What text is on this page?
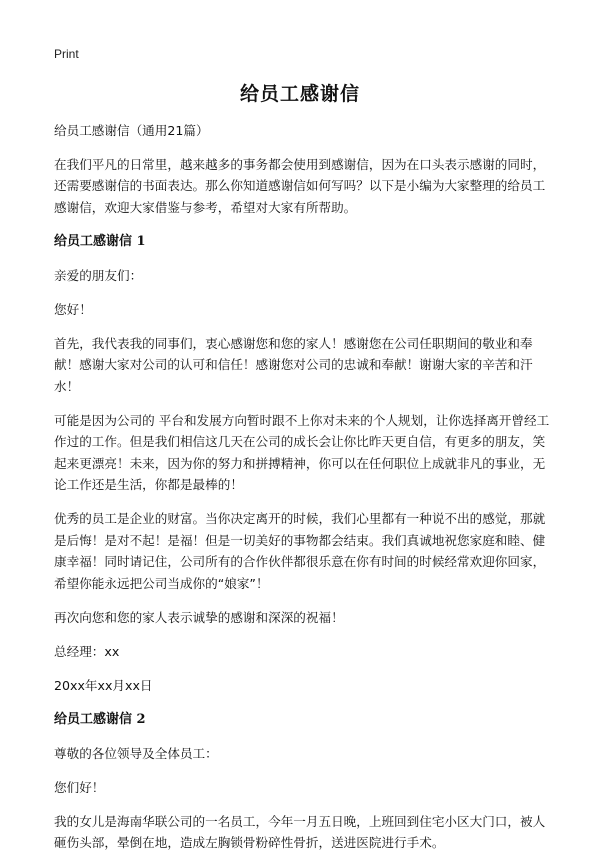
Print
给员工感谢信

给员工感谢信（通用21篇）

在我们平凡的日常里，越来越多的事务都会使用到感谢信，因为在口头表示感谢的同时，还需要感谢信的书面表达。那么你知道感谢信如何写吗？以下是小编为大家整理的给员工感谢信，欢迎大家借鉴与参考，希望对大家有所帮助。

给员工感谢信 1

亲爱的朋友们：

您好！

首先，我代表我的同事们，衷心感谢您和您的家人！感谢您在公司任职期间的敬业和奉献！感谢大家对公司的认可和信任！感谢您对公司的忠诚和奉献！谢谢大家的辛苦和汗水！

可能是因为公司的 平台和发展方向暂时跟不上你对未来的个人规划，让你选择离开曾经工作过的工作。但是我们相信这几天在公司的成长会让你比昨天更自信，有更多的朋友，笑起来更漂亮！未来，因为你的努力和拼搏精神，你可以在任何职位上成就非凡的事业，无论工作还是生活，你都是最棒的！

优秀的员工是企业的财富。当你决定离开的时候，我们心里都有一种说不出的感觉，那就是后悔！是对不起！是福！但是一切美好的事物都会结束。我们真诚地祝您家庭和睦、健康幸福！同时请记住，公司所有的合作伙伴都很乐意在你有时间的时候经常欢迎你回家，希望你能永远把公司当成你的“娘家”！

再次向您和您的家人表示诚挚的感谢和深深的祝福！

总经理：xx

20xx年xx月xx日

给员工感谢信 2

尊敬的各位领导及全体员工：

您们好！

我的女儿是海南华联公司的一名员工，今年一月五日晚，上班回到住宅小区大门口，被人砸伤头部，晕倒在地，造成左胸锁骨粉碎性骨折，送进医院进行手术。
